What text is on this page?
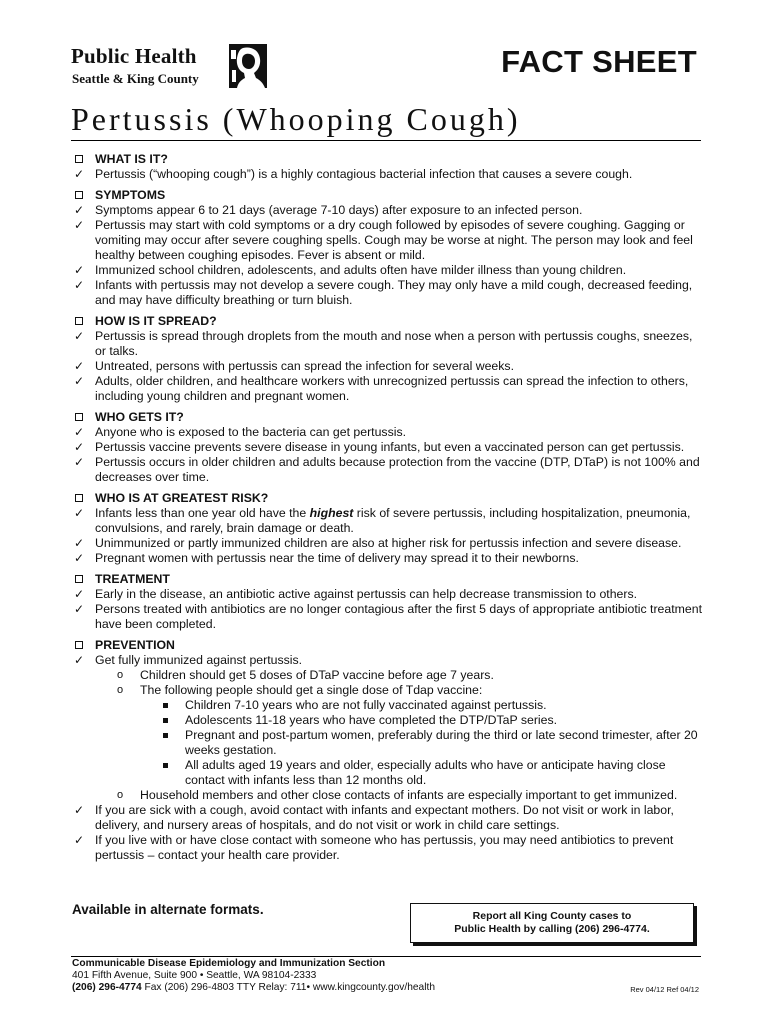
Public Health
Seattle & King County	FACT SHEET
Pertussis (Whooping Cough)
WHAT IS IT?
✓ Pertussis (“whooping cough”) is a highly contagious bacterial infection that causes a severe cough.
SYMPTOMS
✓ Symptoms appear 6 to 21 days (average 7-10 days) after exposure to an infected person.
✓ Pertussis may start with cold symptoms or a dry cough followed by episodes of severe coughing. Gagging or vomiting may occur after severe coughing spells. Cough may be worse at night. The person may look and feel healthy between coughing episodes. Fever is absent or mild.
✓ Immunized school children, adolescents, and adults often have milder illness than young children.
✓ Infants with pertussis may not develop a severe cough. They may only have a mild cough, decreased feeding, and may have difficulty breathing or turn bluish.
HOW IS IT SPREAD?
✓ Pertussis is spread through droplets from the mouth and nose when a person with pertussis coughs, sneezes, or talks.
✓ Untreated, persons with pertussis can spread the infection for several weeks.
✓ Adults, older children, and healthcare workers with unrecognized pertussis can spread the infection to others, including young children and pregnant women.
WHO GETS IT?
✓ Anyone who is exposed to the bacteria can get pertussis.
✓ Pertussis vaccine prevents severe disease in young infants, but even a vaccinated person can get pertussis.
✓ Pertussis occurs in older children and adults because protection from the vaccine (DTP, DTaP) is not 100% and decreases over time.
WHO IS AT GREATEST RISK?
✓ Infants less than one year old have the highest risk of severe pertussis, including hospitalization, pneumonia, convulsions, and rarely, brain damage or death.
✓ Unimmunized or partly immunized children are also at higher risk for pertussis infection and severe disease.
✓ Pregnant women with pertussis near the time of delivery may spread it to their newborns.
TREATMENT
✓ Early in the disease, an antibiotic active against pertussis can help decrease transmission to others.
✓ Persons treated with antibiotics are no longer contagious after the first 5 days of appropriate antibiotic treatment have been completed.
PREVENTION
✓ Get fully immunized against pertussis.
o Children should get 5 doses of DTaP vaccine before age 7 years.
o The following people should get a single dose of Tdap vaccine:
Children 7-10 years who are not fully vaccinated against pertussis.
Adolescents 11-18 years who have completed the DTP/DTaP series.
Pregnant and post-partum women, preferably during the third or late second trimester, after 20 weeks gestation.
All adults aged 19 years and older, especially adults who have or anticipate having close contact with infants less than 12 months old.
o Household members and other close contacts of infants are especially important to get immunized.
✓ If you are sick with a cough, avoid contact with infants and expectant mothers. Do not visit or work in labor, delivery, and nursery areas of hospitals, and do not visit or work in child care settings.
✓ If you live with or have close contact with someone who has pertussis, you may need antibiotics to prevent pertussis – contact your health care provider.
Available in alternate formats.	Report all King County cases to
Public Health by calling (206) 296-4774.
Communicable Disease Epidemiology and Immunization Section
401 Fifth Avenue, Suite 900 • Seattle, WA 98104-2333
(206) 296-4774 Fax (206) 296-4803 TTY Relay: 711• www.kingcounty.gov/health	Rev 04/12 Ref 04/12
